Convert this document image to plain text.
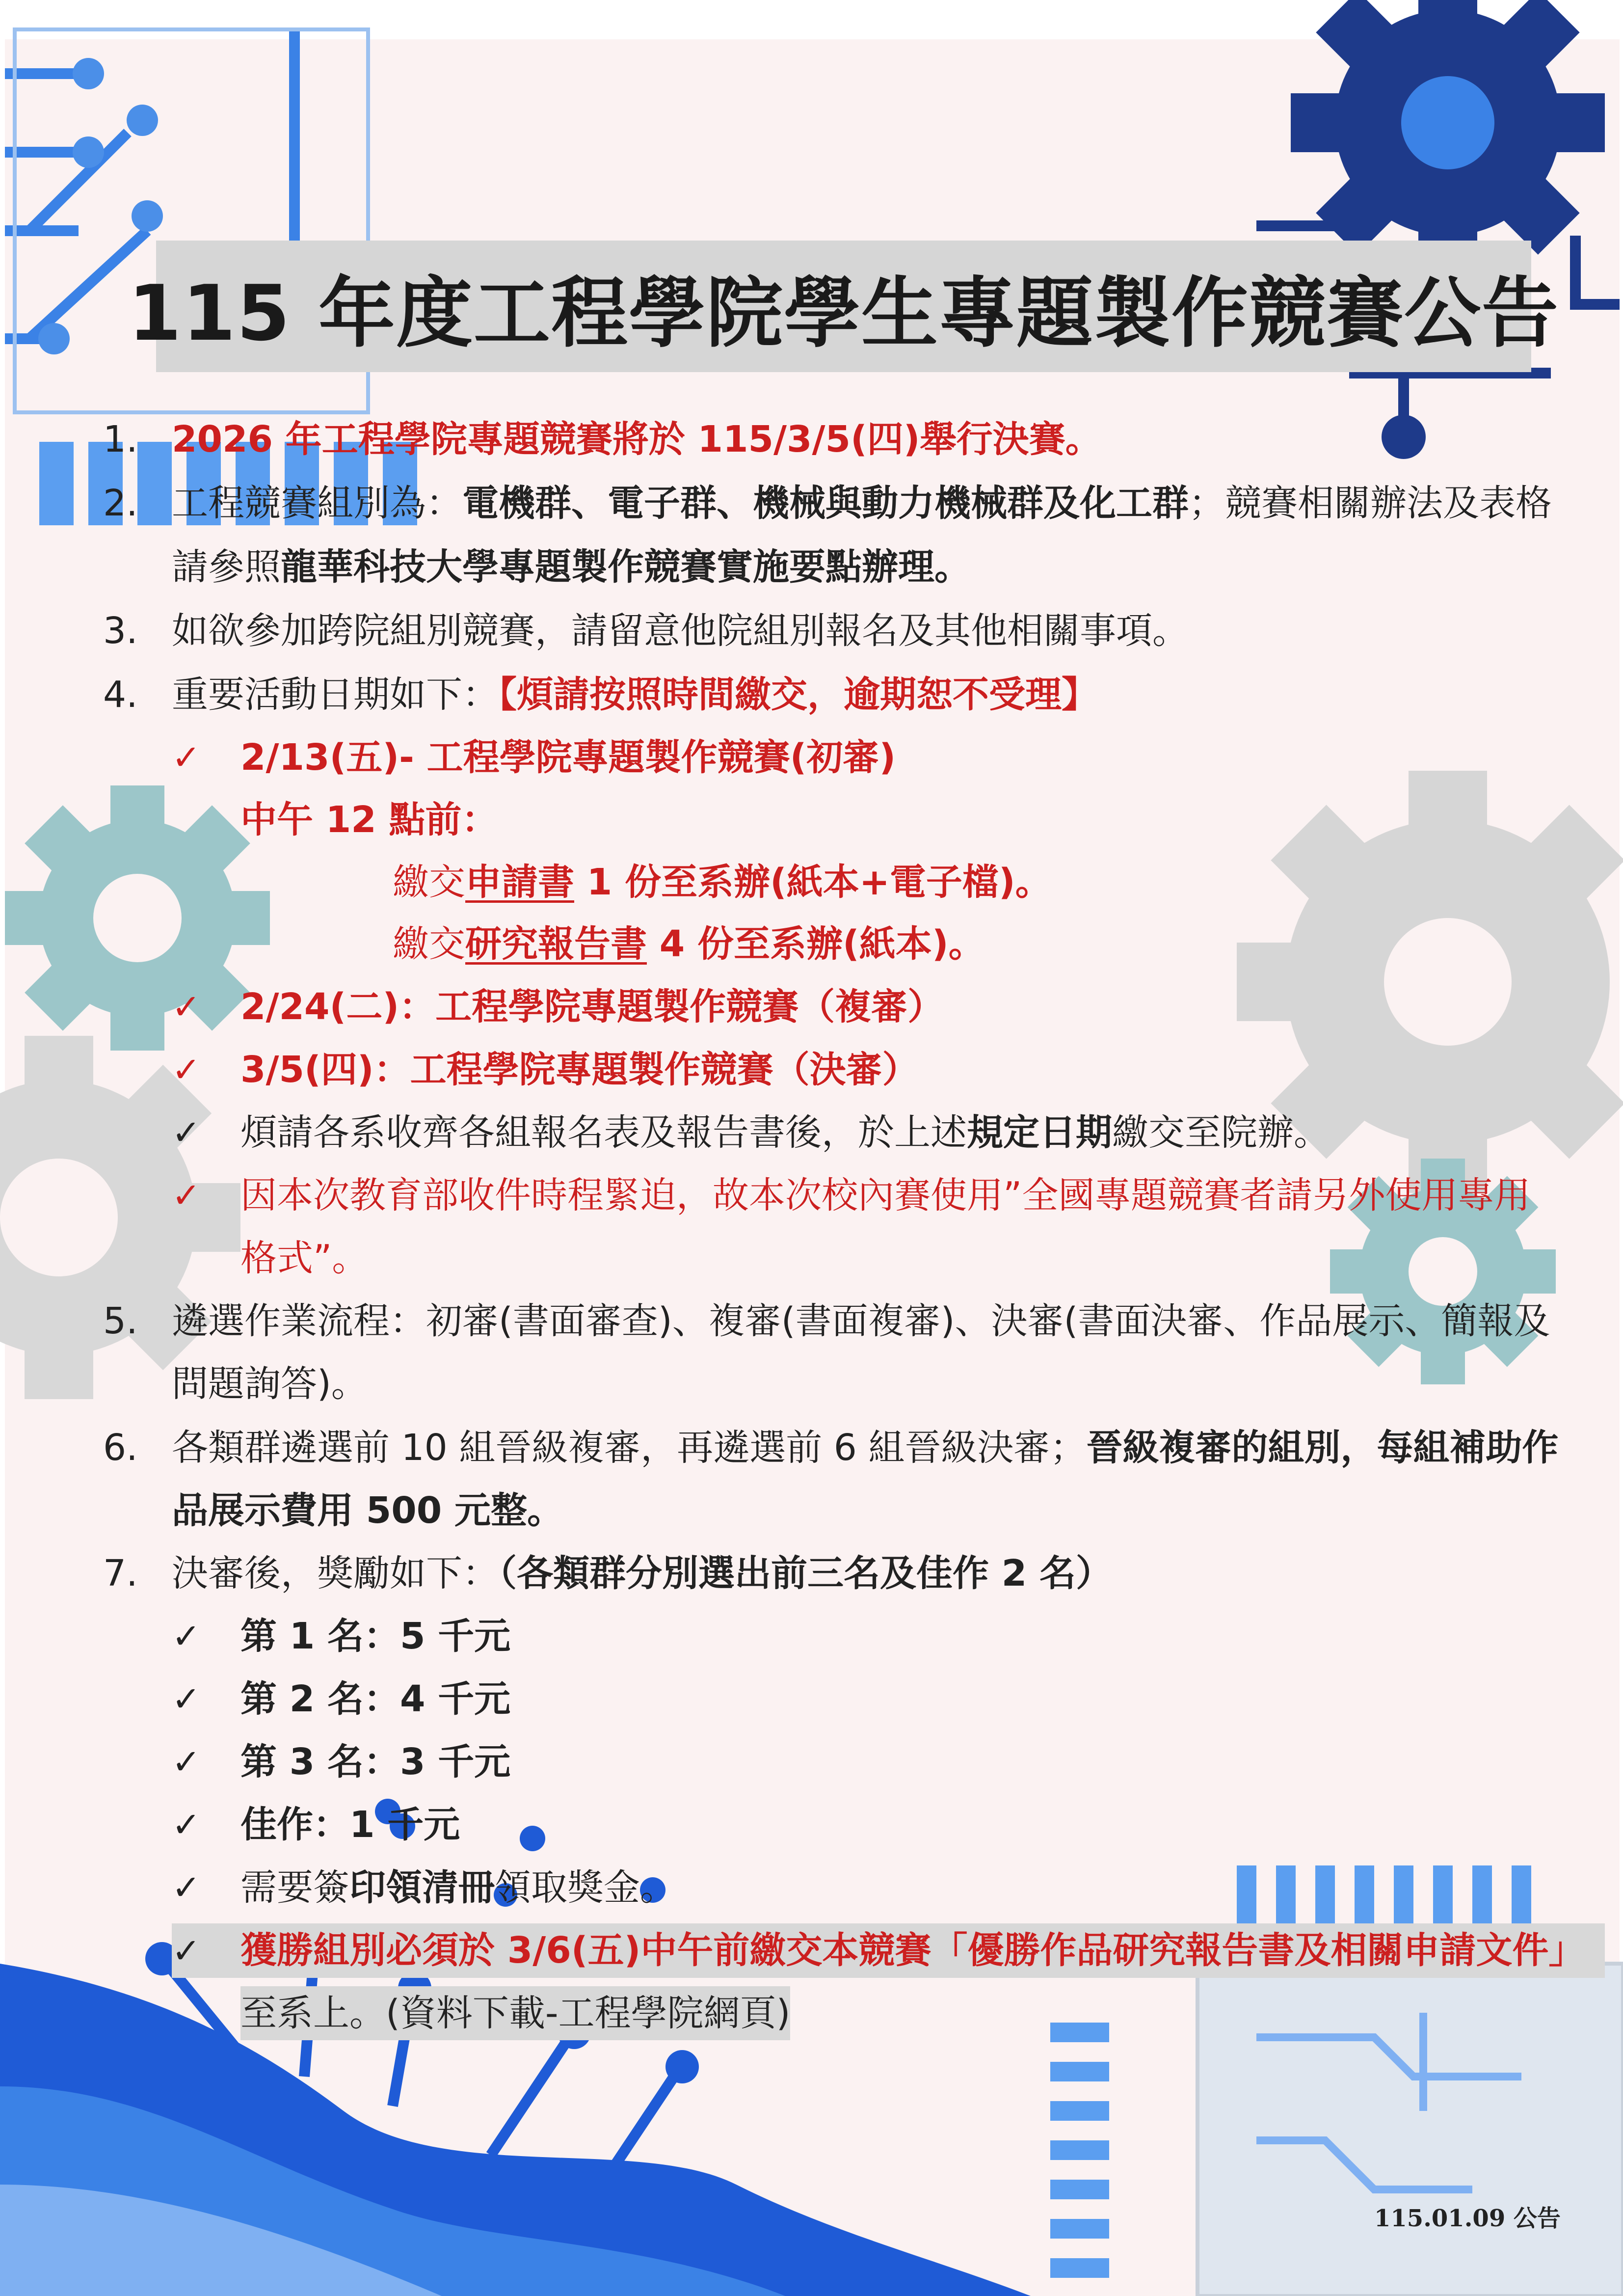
115 年度工程學院學生專題製作競賽公告
1. 2026 年工程學院專題競賽將於 115/3/5(四)舉行決賽。
2. 工程競賽組別為：電機群、電子群、機械與動力機械群及化工群；競賽相關辦法及表格
請參照龍華科技大學專題製作競賽實施要點辦理。
3. 如欲參加跨院組別競賽，請留意他院組別報名及其他相關事項。
4. 重要活動日期如下：【煩請按照時間繳交，逾期恕不受理】
✓ 2/13(五)- 工程學院專題製作競賽(初審)
中午 12 點前：
繳交申請書 1 份至系辦(紙本+電子檔)。
繳交研究報告書 4 份至系辦(紙本)。
✓ 2/24(二)：工程學院專題製作競賽（複審）
✓ 3/5(四)：工程學院專題製作競賽（決審）
✓ 煩請各系收齊各組報名表及報告書後，於上述規定日期繳交至院辦。
✓ 因本次教育部收件時程緊迫，故本次校內賽使用”全國專題競賽者請另外使用專用
格式”。
5. 遴選作業流程：初審(書面審查)、複審(書面複審)、決審(書面決審、作品展示、簡報及
問題詢答)。
6. 各類群遴選前 10 組晉級複審，再遴選前 6 組晉級決審；晉級複審的組別，每組補助作
品展示費用 500 元整。
7. 決審後，獎勵如下：（各類群分別選出前三名及佳作 2 名）
✓ 第 1 名：5 千元
✓ 第 2 名：4 千元
✓ 第 3 名：3 千元
✓ 佳作：1 千元
✓ 需要簽印領清冊領取獎金。
✓ 獲勝組別必須於 3/6(五)中午前繳交本競賽「優勝作品研究報告書及相關申請文件」
至系上。(資料下載-工程學院網頁)
115.01.09 公告
